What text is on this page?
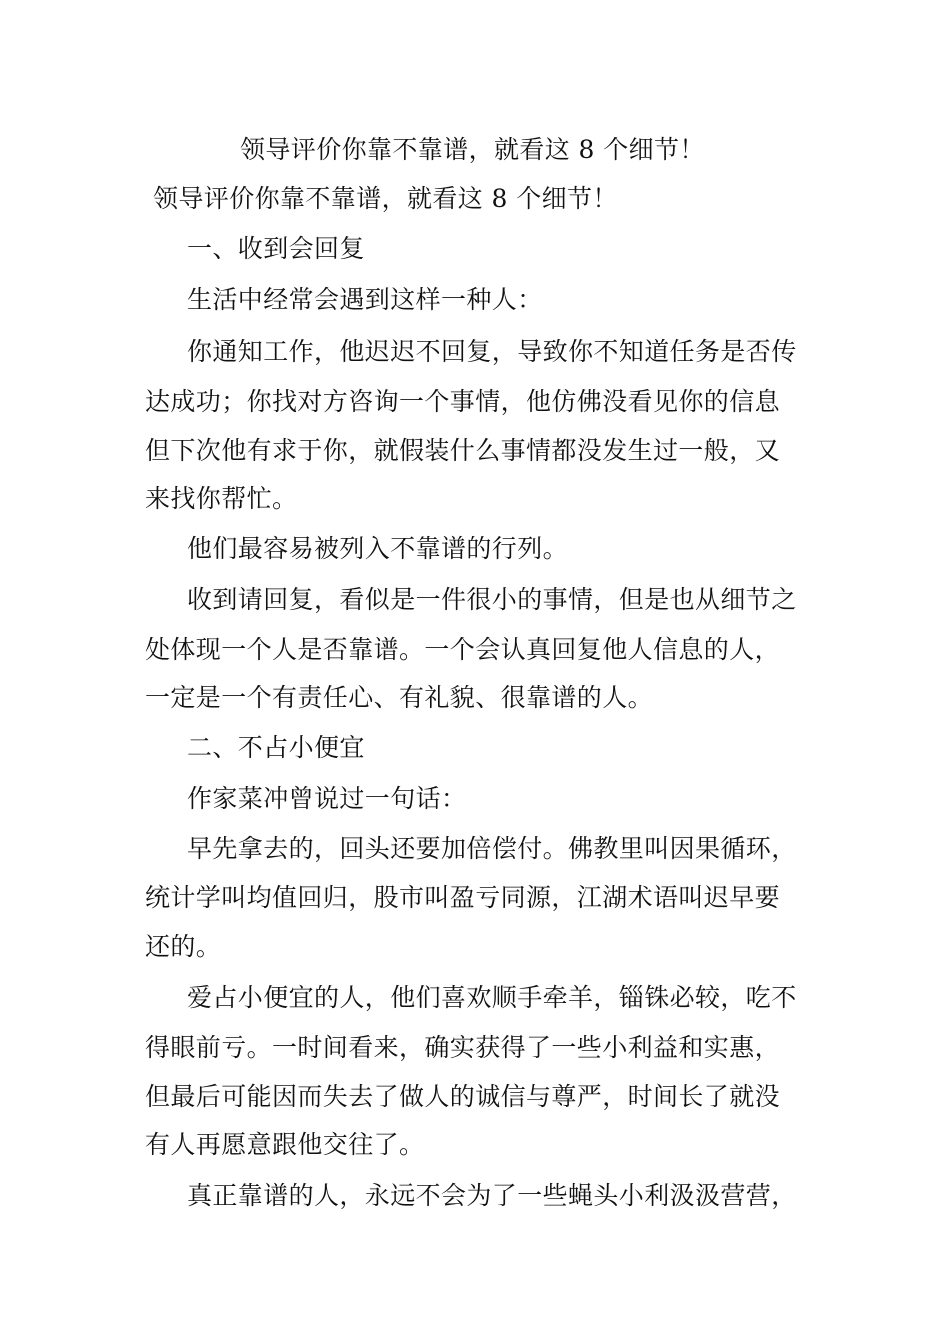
领导评价你靠不靠谱，就看这 8 个细节！
领导评价你靠不靠谱，就看这 8 个细节！
一、收到会回复
生活中经常会遇到这样一种人：
你通知工作，他迟迟不回复，导致你不知道任务是否传
达成功；你找对方咨询一个事情，他仿佛没看见你的信息
但下次他有求于你，就假装什么事情都没发生过一般，又
来找你帮忙。
他们最容易被列入不靠谱的行列。
收到请回复，看似是一件很小的事情，但是也从细节之
处体现一个人是否靠谱。一个会认真回复他人信息的人，
一定是一个有责任心、有礼貌、很靠谱的人。
二、不占小便宜
作家菜冲曾说过一句话：
早先拿去的，回头还要加倍偿付。佛教里叫因果循环，
统计学叫均值回归，股市叫盈亏同源，江湖术语叫迟早要
还的。
爱占小便宜的人，他们喜欢顺手牵羊，锱铢必较，吃不
得眼前亏。一时间看来，确实获得了一些小利益和实惠，
但最后可能因而失去了做人的诚信与尊严，时间长了就没
有人再愿意跟他交往了。
真正靠谱的人，永远不会为了一些蝇头小利汲汲营营，
